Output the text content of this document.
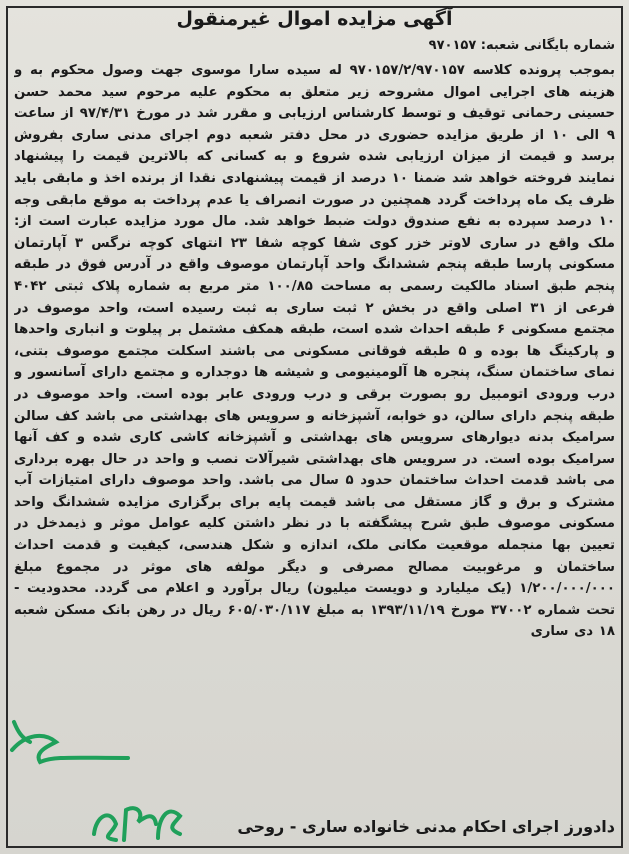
آگهی مزایده اموال غیرمنقول
شماره بایگانی شعبه: ۹۷۰۱۵۷
بموجب پرونده کلاسه ۹۷۰۱۵۷/۲/۹۷۰۱۵۷ له سیده سارا موسوی جهت وصول محکوم به و هزینه های اجرایی اموال مشروحه زیر متعلق به محکوم علیه مرحوم سید محمد حسن حسینی رحمانی توقیف و توسط کارشناس ارزیابی و مقرر شد در مورخ ۹۷/۴/۳۱ از ساعت ۹ الی ۱۰ از طریق مزایده حضوری در محل دفتر شعبه دوم اجرای مدنی ساری بفروش برسد و قیمت از میزان ارزیابی شده شروع و به کسانی که بالاترین قیمت را پیشنهاد نمایند فروخته خواهد شد ضمنا ۱۰ درصد از قیمت پیشنهادی نقدا از برنده اخذ و مابقی باید ظرف یک ماه پرداخت گردد همچنین در صورت انصراف یا عدم پرداخت به موقع مابقی وجه ۱۰ درصد سپرده به نفع صندوق دولت ضبط خواهد شد. مال مورد مزایده عبارت است از: ملک واقع در ساری لاوتر خزر کوی شفا کوچه شفا ۲۳ انتهای کوچه نرگس ۳ آپارتمان مسکونی پارسا طبقه پنجم ششدانگ واحد آپارتمان موصوف واقع در آدرس فوق در طبقه پنجم طبق اسناد مالکیت رسمی به مساحت ۱۰۰/۸۵ متر مربع به شماره پلاک ثبتی ۴۰۴۲ فرعی از ۳۱ اصلی واقع در بخش ۲ ثبت ساری به ثبت رسیده است، واحد موصوف در مجتمع مسکونی ۶ طبقه احداث شده است، طبقه همکف مشتمل بر پیلوت و انباری واحدها و پارکینگ ها بوده و ۵ طبقه فوقانی مسکونی می باشند اسکلت مجتمع موصوف بتنی، نمای ساختمان سنگ، پنجره ها آلومینیومی و شیشه ها دوجداره و مجتمع دارای آسانسور و درب ورودی اتومبیل رو بصورت برقی و درب ورودی عابر بوده است. واحد موصوف در طبقه پنجم دارای سالن، دو خوابه، آشپزخانه و سرویس های بهداشتی می باشد کف سالن سرامیک بدنه دیوارهای سرویس های بهداشتی و آشپزخانه کاشی کاری شده و کف آنها سرامیک بوده است. در سرویس های بهداشتی شیرآلات نصب و واحد در حال بهره برداری می باشد قدمت احداث ساختمان حدود ۵ سال می باشد. واحد موصوف دارای امتیازات آب مشترک و برق و گاز مستقل می باشد قیمت پایه برای برگزاری مزایده ششدانگ واحد مسکونی موصوف طبق شرح پیشگفته با در نظر داشتن کلیه عوامل موثر و ذیمدخل در تعیین بها منجمله موقعیت مکانی ملک، اندازه و شکل هندسی، کیفیت و قدمت احداث ساختمان و مرغوبیت مصالح مصرفی و دیگر مولفه های موثر در مجموع مبلغ ۱/۲۰۰/۰۰۰/۰۰۰ (یک میلیارد و دویست میلیون) ریال برآورد و اعلام می گردد. محدودیت - تحت شماره ۳۷۰۰۲ مورخ ۱۳۹۳/۱۱/۱۹ به مبلغ ۶۰۵/۰۳۰/۱۱۷ ریال در رهن بانک مسکن شعبه ۱۸ دی ساری
دادورز اجرای احکام مدنی خانواده ساری - روحی
